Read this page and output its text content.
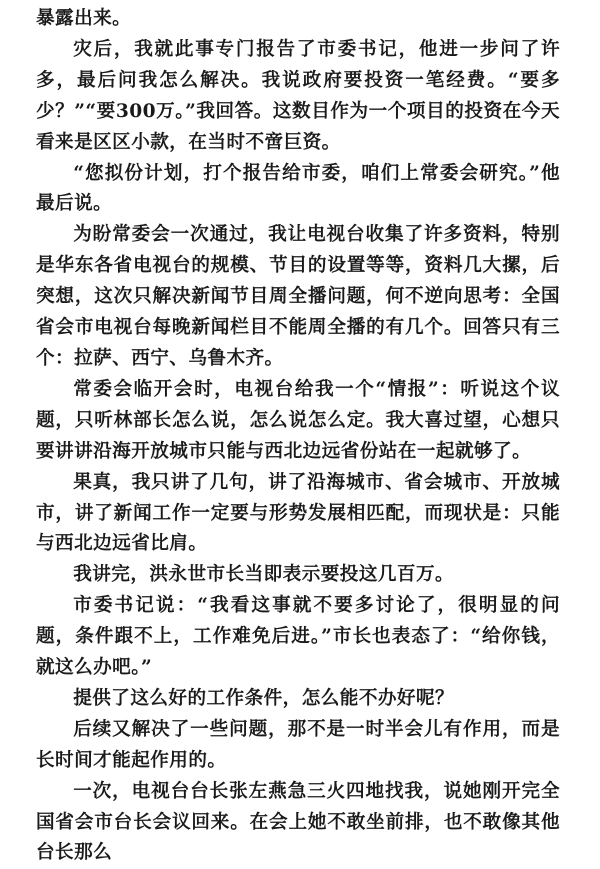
暴露出来。

灾后，我就此事专门报告了市委书记，他进一步问了许多，最后问我怎么解决。我说政府要投资一笔经费。“要多少？”“要300万。”我回答。这数目作为一个项目的投资在今天看来是区区小款，在当时不啻巨资。

“您拟份计划，打个报告给市委，咱们上常委会研究。”他最后说。

为盼常委会一次通过，我让电视台收集了许多资料，特别是华东各省电视台的规模、节目的设置等等，资料几大摞，后突想，这次只解决新闻节目周全播问题，何不逆向思考：全国省会市电视台每晚新闻栏目不能周全播的有几个。回答只有三个：拉萨、西宁、乌鲁木齐。

常委会临开会时，电视台给我一个“情报”：听说这个议题，只听林部长怎么说，怎么说怎么定。我大喜过望，心想只要讲讲沿海开放城市只能与西北边远省份站在一起就够了。

果真，我只讲了几句，讲了沿海城市、省会城市、开放城市，讲了新闻工作一定要与形势发展相匹配，而现状是：只能与西北边远省比肩。

我讲完，洪永世市长当即表示要投这几百万。

市委书记说：“我看这事就不要多讨论了，很明显的问题，条件跟不上，工作难免后进。”市长也表态了：“给你钱，就这么办吧。”

提供了这么好的工作条件，怎么能不办好呢？

后续又解决了一些问题，那不是一时半会儿有作用，而是长时间才能起作用的。

一次，电视台台长张左燕急三火四地找我，说她刚开完全国省会市台长会议回来。在会上她不敢坐前排，也不敢像其他台长那么
